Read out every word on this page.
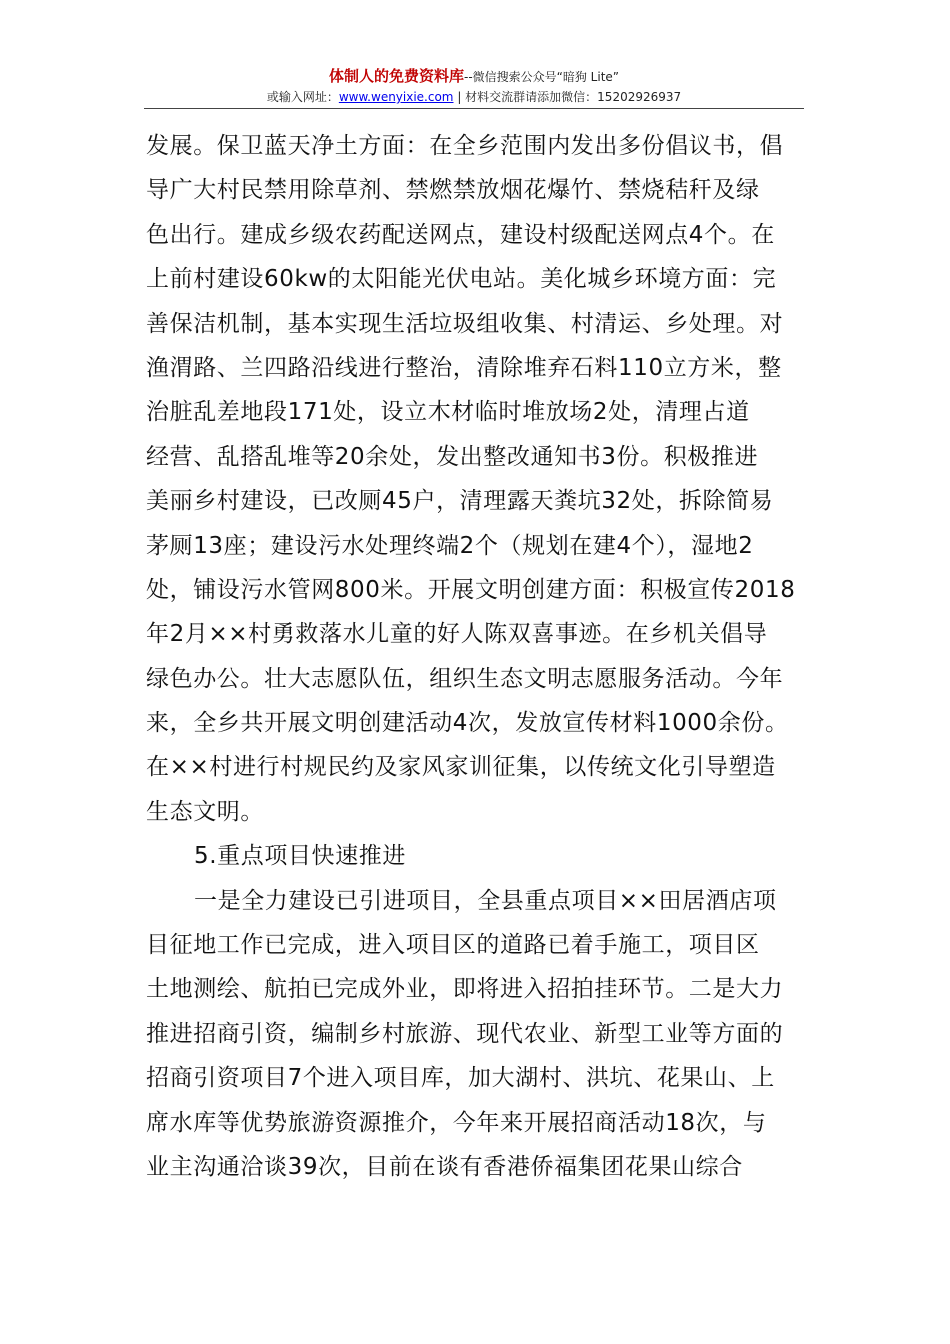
体制人的免费资料库--微信搜索公众号“暗狗 Lite”
或输入网址：www.wenyixie.com | 材料交流群请添加微信：15202926937
发展。保卫蓝天净土方面：在全乡范围内发出多份倡议书，倡
导广大村民禁用除草剂、禁燃禁放烟花爆竹、禁烧秸秆及绿
色出行。建成乡级农药配送网点，建设村级配送网点4个。在
上前村建设60kw的太阳能光伏电站。美化城乡环境方面：完
善保洁机制，基本实现生活垃圾组收集、村清运、乡处理。对
渔渭路、兰四路沿线进行整治，清除堆弃石料110立方米，整
治脏乱差地段171处，设立木材临时堆放场2处，清理占道
经营、乱搭乱堆等20余处，发出整改通知书3份。积极推进
美丽乡村建设，已改厕45户，清理露天粪坑32处，拆除简易
茅厕13座；建设污水处理终端2个（规划在建4个），湿地2
处，铺设污水管网800米。开展文明创建方面：积极宣传2018
年2月××村勇救落水儿童的好人陈双喜事迹。在乡机关倡导
绿色办公。壮大志愿队伍，组织生态文明志愿服务活动。今年
来，全乡共开展文明创建活动4次，发放宣传材料1000余份。
在××村进行村规民约及家风家训征集，以传统文化引导塑造
生态文明。
5.重点项目快速推进
一是全力建设已引进项目，全县重点项目××田居酒店项
目征地工作已完成，进入项目区的道路已着手施工，项目区
土地测绘、航拍已完成外业，即将进入招拍挂环节。二是大力
推进招商引资，编制乡村旅游、现代农业、新型工业等方面的
招商引资项目7个进入项目库，加大湖村、洪坑、花果山、上
席水库等优势旅游资源推介，今年来开展招商活动18次，与
业主沟通洽谈39次，目前在谈有香港侨福集团花果山综合
